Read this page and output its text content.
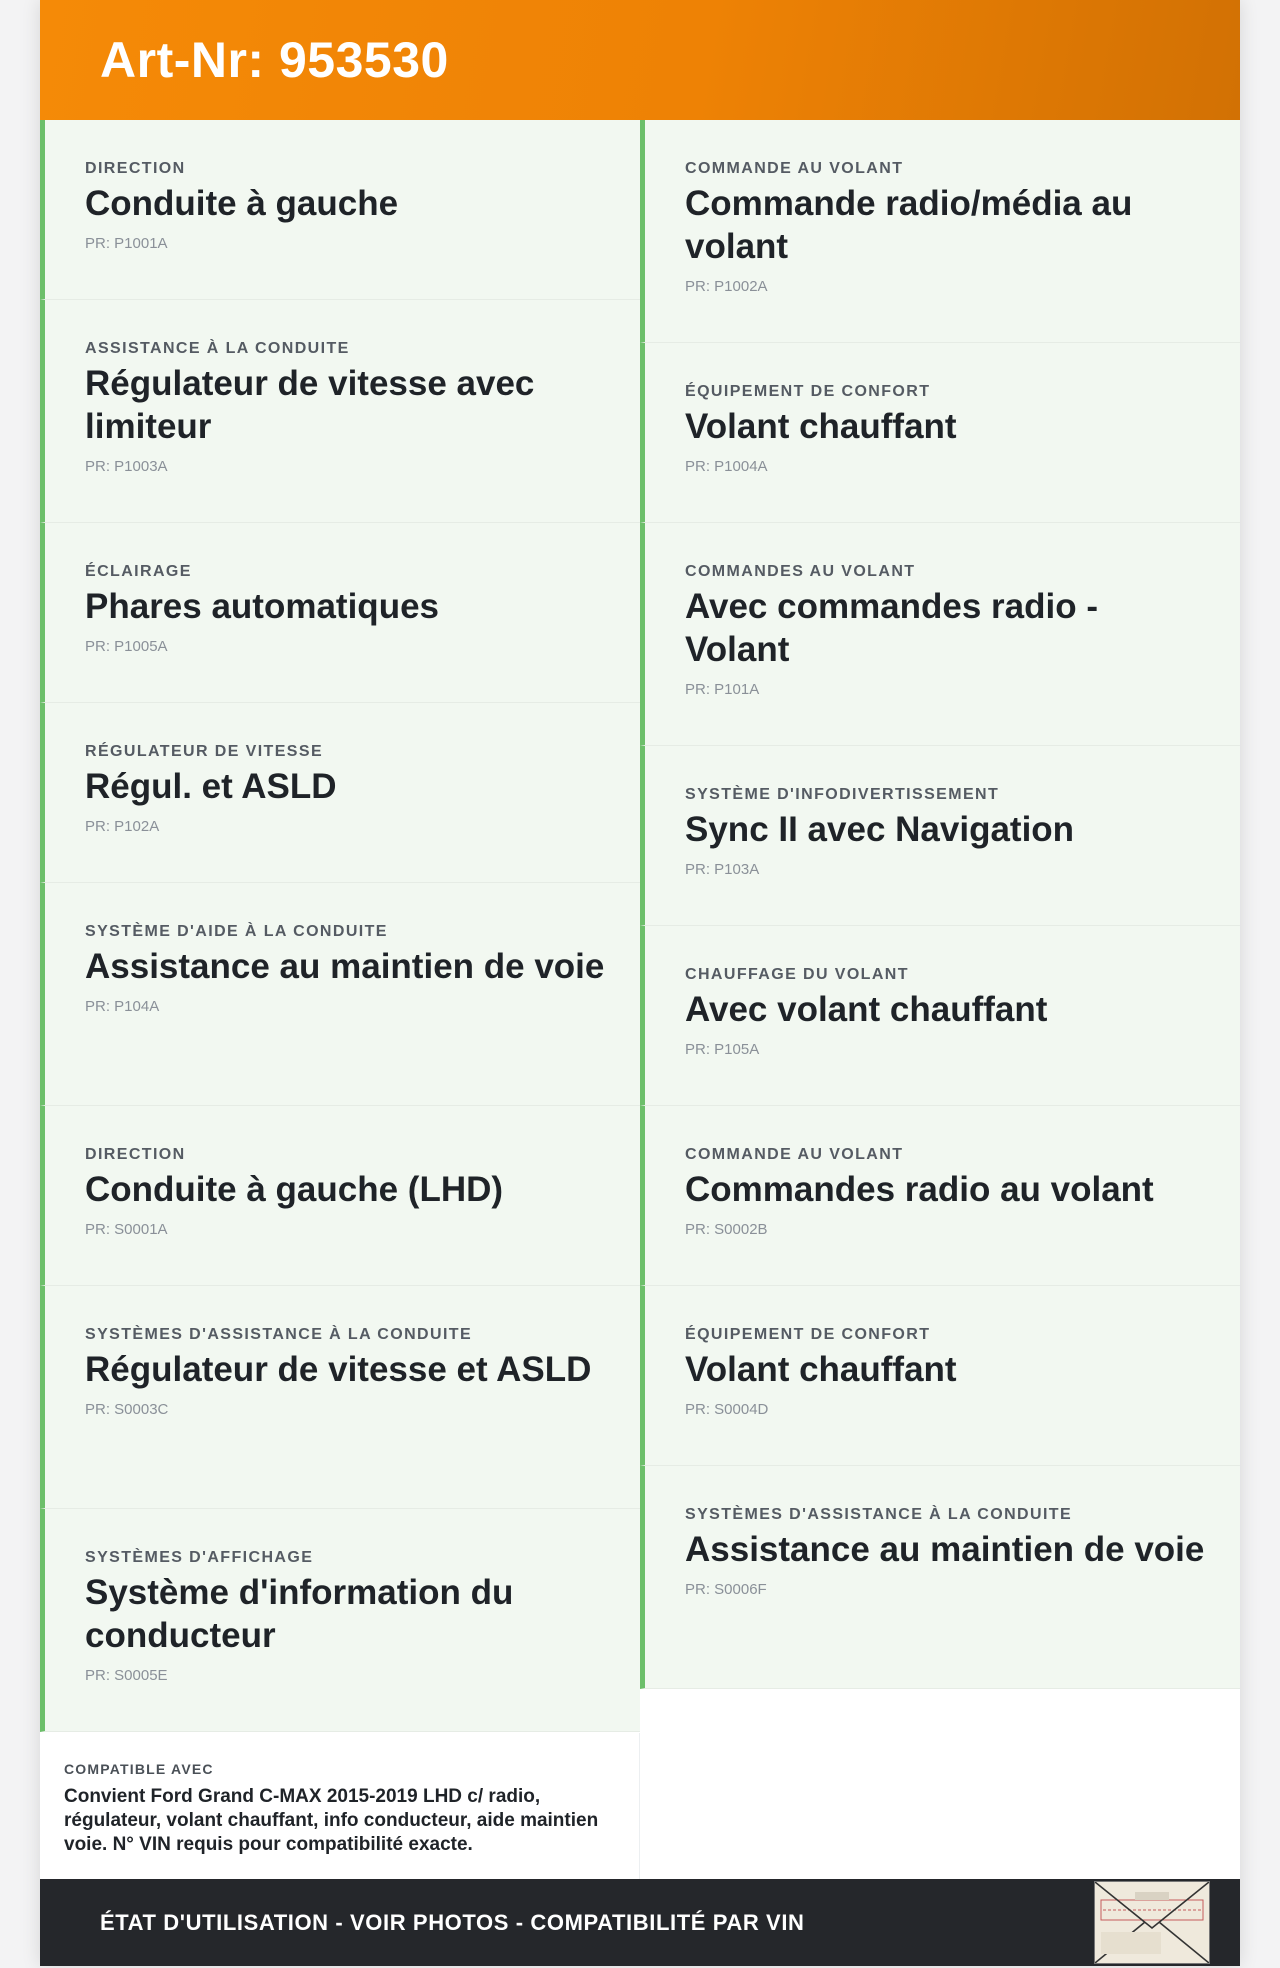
Art-Nr: 953530
DIRECTION
Conduite à gauche
PR: P1001A
ASSISTANCE À LA CONDUITE
Régulateur de vitesse avec limiteur
PR: P1003A
ÉCLAIRAGE
Phares automatiques
PR: P1005A
RÉGULATEUR DE VITESSE
Régul. et ASLD
PR: P102A
SYSTÈME D'AIDE À LA CONDUITE
Assistance au maintien de voie
PR: P104A
DIRECTION
Conduite à gauche (LHD)
PR: S0001A
SYSTÈMES D'ASSISTANCE À LA CONDUITE
Régulateur de vitesse et ASLD
PR: S0003C
SYSTÈMES D'AFFICHAGE
Système d'information du conducteur
PR: S0005E
COMMANDE AU VOLANT
Commande radio/média au volant
PR: P1002A
ÉQUIPEMENT DE CONFORT
Volant chauffant
PR: P1004A
COMMANDES AU VOLANT
Avec commandes radio - Volant
PR: P101A
SYSTÈME D'INFODIVERTISSEMENT
Sync II avec Navigation
PR: P103A
CHAUFFAGE DU VOLANT
Avec volant chauffant
PR: P105A
COMMANDE AU VOLANT
Commandes radio au volant
PR: S0002B
ÉQUIPEMENT DE CONFORT
Volant chauffant
PR: S0004D
SYSTÈMES D'ASSISTANCE À LA CONDUITE
Assistance au maintien de voie
PR: S0006F
COMPATIBLE AVEC
Convient Ford Grand C-MAX 2015-2019 LHD c/ radio, régulateur, volant chauffant, info conducteur, aide maintien voie. N° VIN requis pour compatibilité exacte.
ÉTAT D'UTILISATION - VOIR PHOTOS - COMPATIBILITÉ PAR VIN
